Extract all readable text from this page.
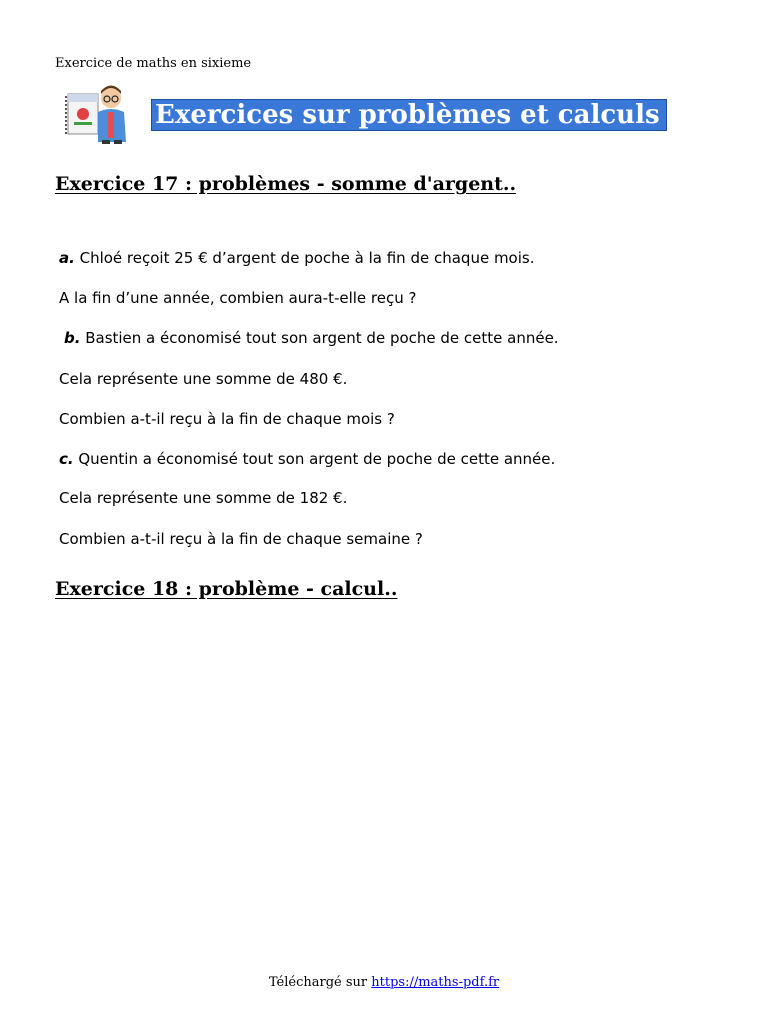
Exercice de maths en sixieme
Exercices sur problèmes et calculs .
Exercice 17 : problèmes - somme d'argent..
a. Chloé reçoit 25 € d’argent de poche à la fin de chaque mois.
A la fin d’une année, combien aura-t-elle reçu ?
b. Bastien a économisé tout son argent de poche de cette année.
Cela représente une somme de 480 €.
Combien a-t-il reçu à la fin de chaque mois ?
c. Quentin a économisé tout son argent de poche de cette année.
Cela représente une somme de 182 €.
Combien a-t-il reçu à la fin de chaque semaine ?
Exercice 18 : problème - calcul..
Téléchargé sur https://maths-pdf.fr
